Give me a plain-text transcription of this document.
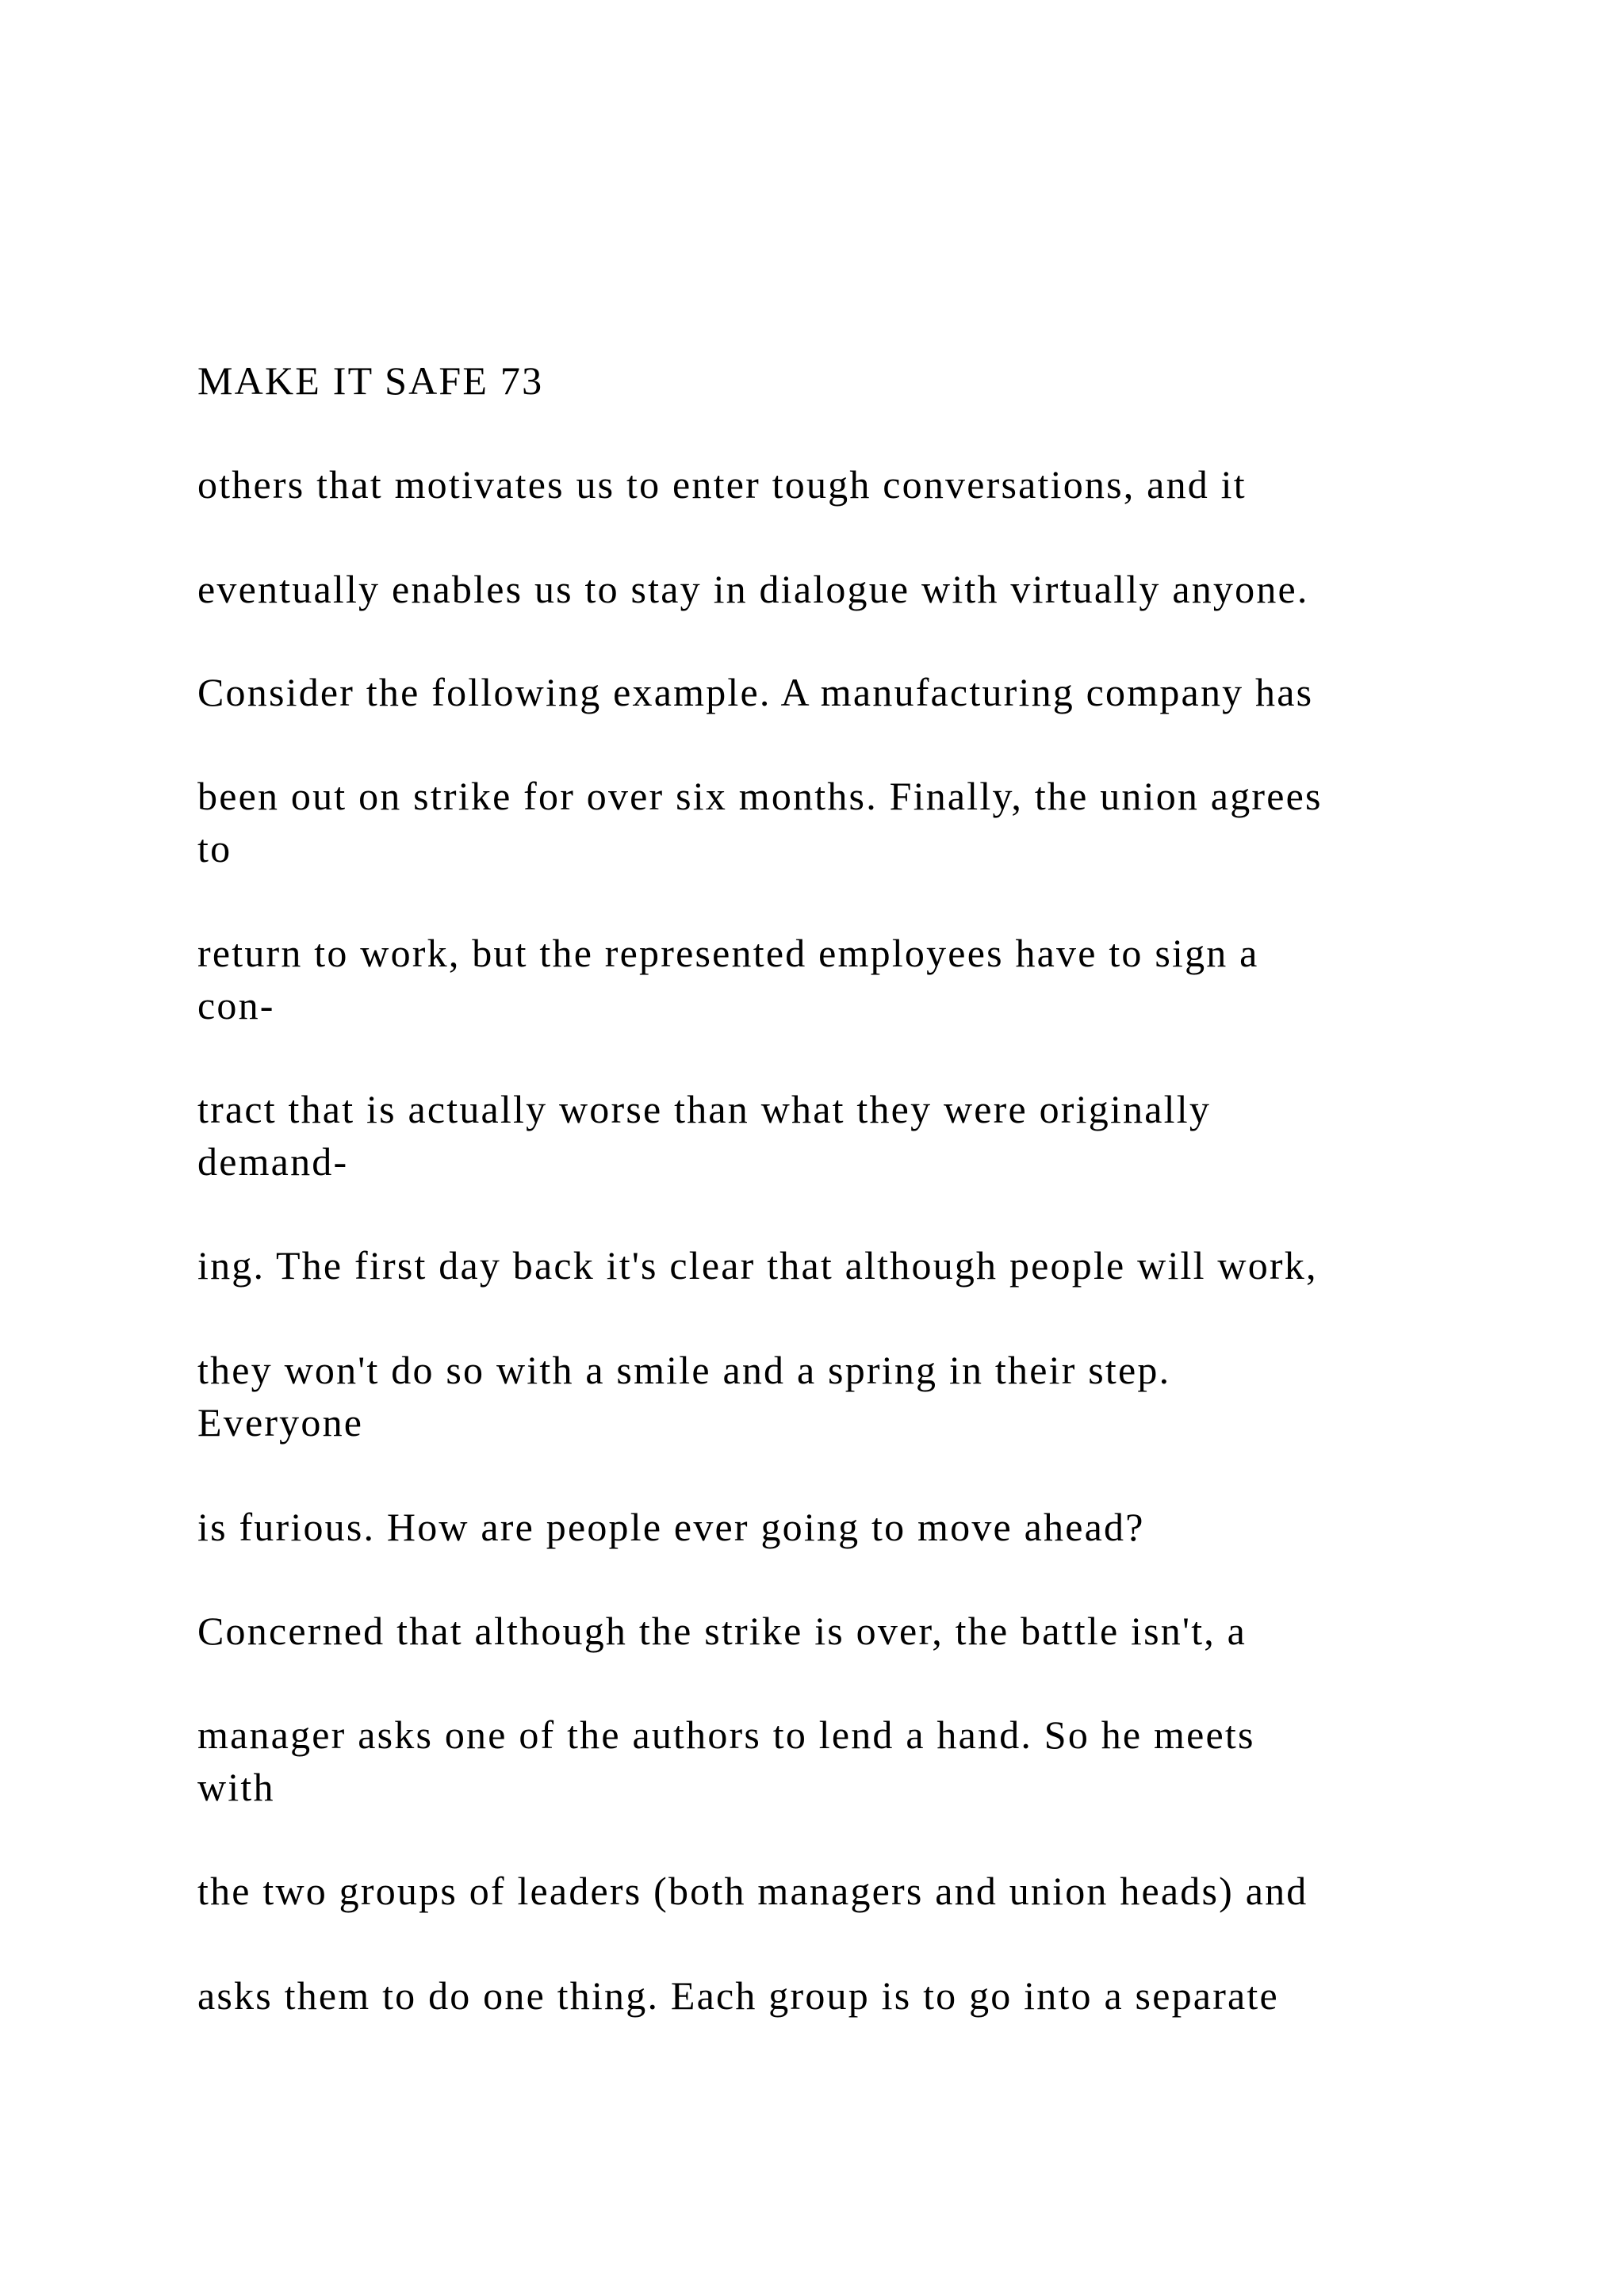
MAKE IT SAFE 73
others that motivates us to enter tough conversations, and it
eventually enables us to stay in dialogue with virtually anyone.
Consider the following example. A manufacturing company has
been out on strike for over six months. Finally, the union agrees
to
return to work, but the represented employees have to sign a
con-
tract that is actually worse than what they were originally
demand-
ing. The first day back it's clear that although people will work,
they won't do so with a smile and a spring in their step.
Everyone
is furious. How are people ever going to move ahead?
Concerned that although the strike is over, the battle isn't, a
manager asks one of the authors to lend a hand. So he meets
with
the two groups of leaders (both managers and union heads) and
asks them to do one thing. Each group is to go into a separate
